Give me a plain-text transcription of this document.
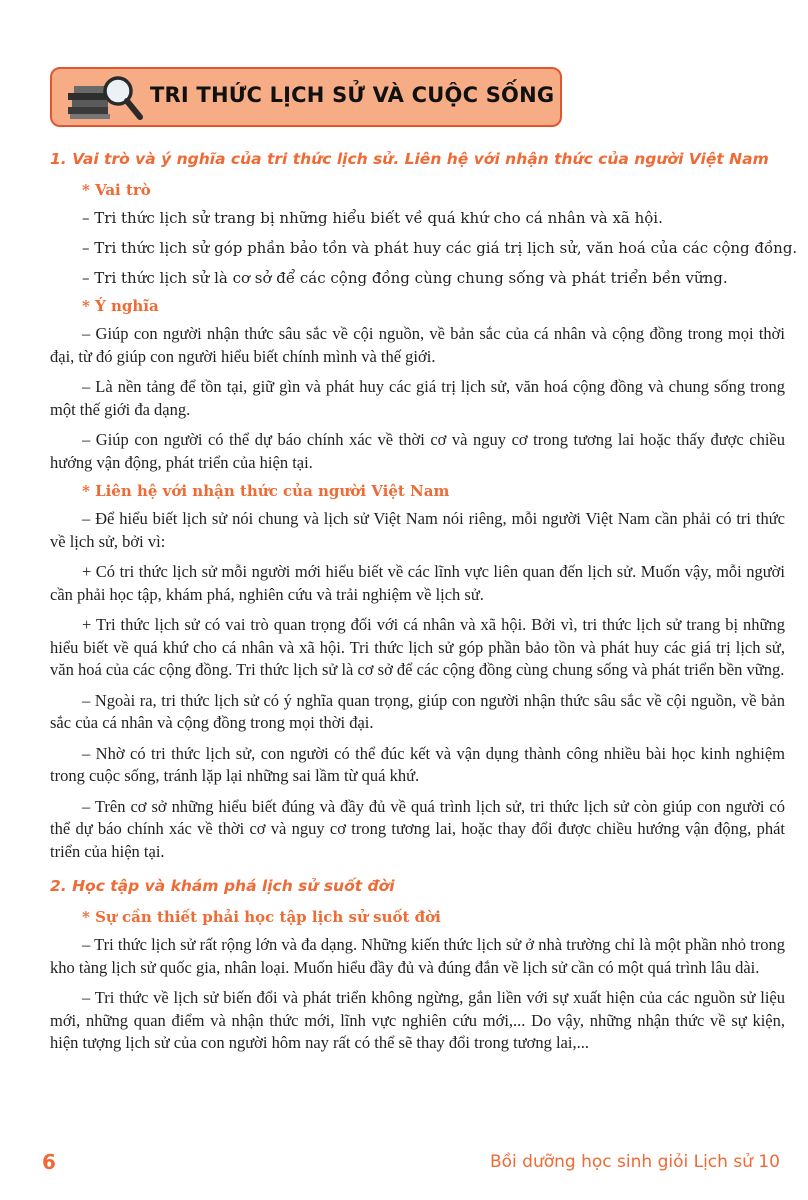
TRI THỨC LỊCH SỬ VÀ CUỘC SỐNG
1. Vai trò và ý nghĩa của tri thức lịch sử. Liên hệ với nhận thức của người Việt Nam
* Vai trò
– Tri thức lịch sử trang bị những hiểu biết về quá khứ cho cá nhân và xã hội.
– Tri thức lịch sử góp phần bảo tồn và phát huy các giá trị lịch sử, văn hoá của các cộng đồng.
– Tri thức lịch sử là cơ sở để các cộng đồng cùng chung sống và phát triển bền vững.
* Ý nghĩa

– Giúp con người nhận thức sâu sắc về cội nguồn, về bản sắc của cá nhân và cộng đồng trong mọi thời đại, từ đó giúp con người hiểu biết chính mình và thế giới.

– Là nền tảng để tồn tại, giữ gìn và phát huy các giá trị lịch sử, văn hoá cộng đồng và chung sống trong một thế giới đa dạng.

– Giúp con người có thể dự báo chính xác về thời cơ và nguy cơ trong tương lai hoặc thấy được chiều hướng vận động, phát triển của hiện tại.

* Liên hệ với nhận thức của người Việt Nam

– Để hiểu biết lịch sử nói chung và lịch sử Việt Nam nói riêng, mỗi người Việt Nam cần phải có tri thức về lịch sử, bởi vì:

+ Có tri thức lịch sử mỗi người mới hiểu biết về các lĩnh vực liên quan đến lịch sử. Muốn vậy, mỗi người cần phải học tập, khám phá, nghiên cứu và trải nghiệm về lịch sử.

+ Tri thức lịch sử có vai trò quan trọng đối với cá nhân và xã hội. Bởi vì, tri thức lịch sử trang bị những hiểu biết về quá khứ cho cá nhân và xã hội. Tri thức lịch sử góp phần bảo tồn và phát huy các giá trị lịch sử, văn hoá của các cộng đồng. Tri thức lịch sử là cơ sở để các cộng đồng cùng chung sống và phát triển bền vững.

– Ngoài ra, tri thức lịch sử có ý nghĩa quan trọng, giúp con người nhận thức sâu sắc về cội nguồn, về bản sắc của cá nhân và cộng đồng trong mọi thời đại.

– Nhờ có tri thức lịch sử, con người có thể đúc kết và vận dụng thành công nhiều bài học kinh nghiệm trong cuộc sống, tránh lặp lại những sai lầm từ quá khứ.

– Trên cơ sở những hiểu biết đúng và đầy đủ về quá trình lịch sử, tri thức lịch sử còn giúp con người có thể dự báo chính xác về thời cơ và nguy cơ trong tương lai, hoặc thay đổi được chiều hướng vận động, phát triển của hiện tại.

2. Học tập và khám phá lịch sử suốt đời
* Sự cần thiết phải học tập lịch sử suốt đời

– Tri thức lịch sử rất rộng lớn và đa dạng. Những kiến thức lịch sử ở nhà trường chỉ là một phần nhỏ trong kho tàng lịch sử quốc gia, nhân loại. Muốn hiểu đầy đủ và đúng đắn về lịch sử cần có một quá trình lâu dài.

– Tri thức về lịch sử biến đổi và phát triển không ngừng, gắn liền với sự xuất hiện của các nguồn sử liệu mới, những quan điểm và nhận thức mới, lĩnh vực nghiên cứu mới,... Do vậy, những nhận thức về sự kiện, hiện tượng lịch sử của con người hôm nay rất có thể sẽ thay đổi trong tương lai,...

6	Bồi dưỡng học sinh giỏi Lịch sử 10
